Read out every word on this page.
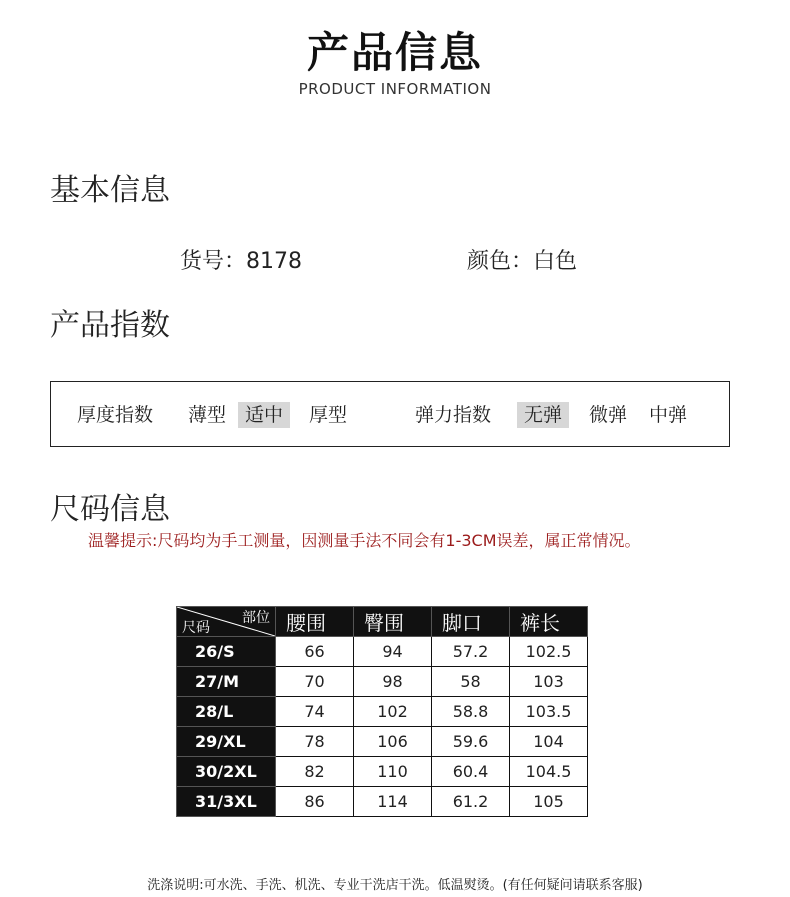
产品信息
PRODUCT INFORMATION
基本信息
货号：8178	颜色：白色
产品指数
厚度指数 薄型 适中	厚型	弹力指数	无弹	微弹 中弹
尺码信息
温馨提示:尺码均为手工测量，因测量手法不同会有1-3CM误差，属正常情况。
部位
尺码	腰围	臀围	脚口	裤长
26/S	66	94	57.2	102.5
27/M	70	98	58	103
28/L	74	102	58.8	103.5
29/XL	78	106	59.6	104
30/2XL	82	110	60.4	104.5
31/3XL	86	114	61.2	105
洗涤说明:可水洗、手洗、机洗、专业干洗店干洗。低温熨烫。(有任何疑问请联系客服)
